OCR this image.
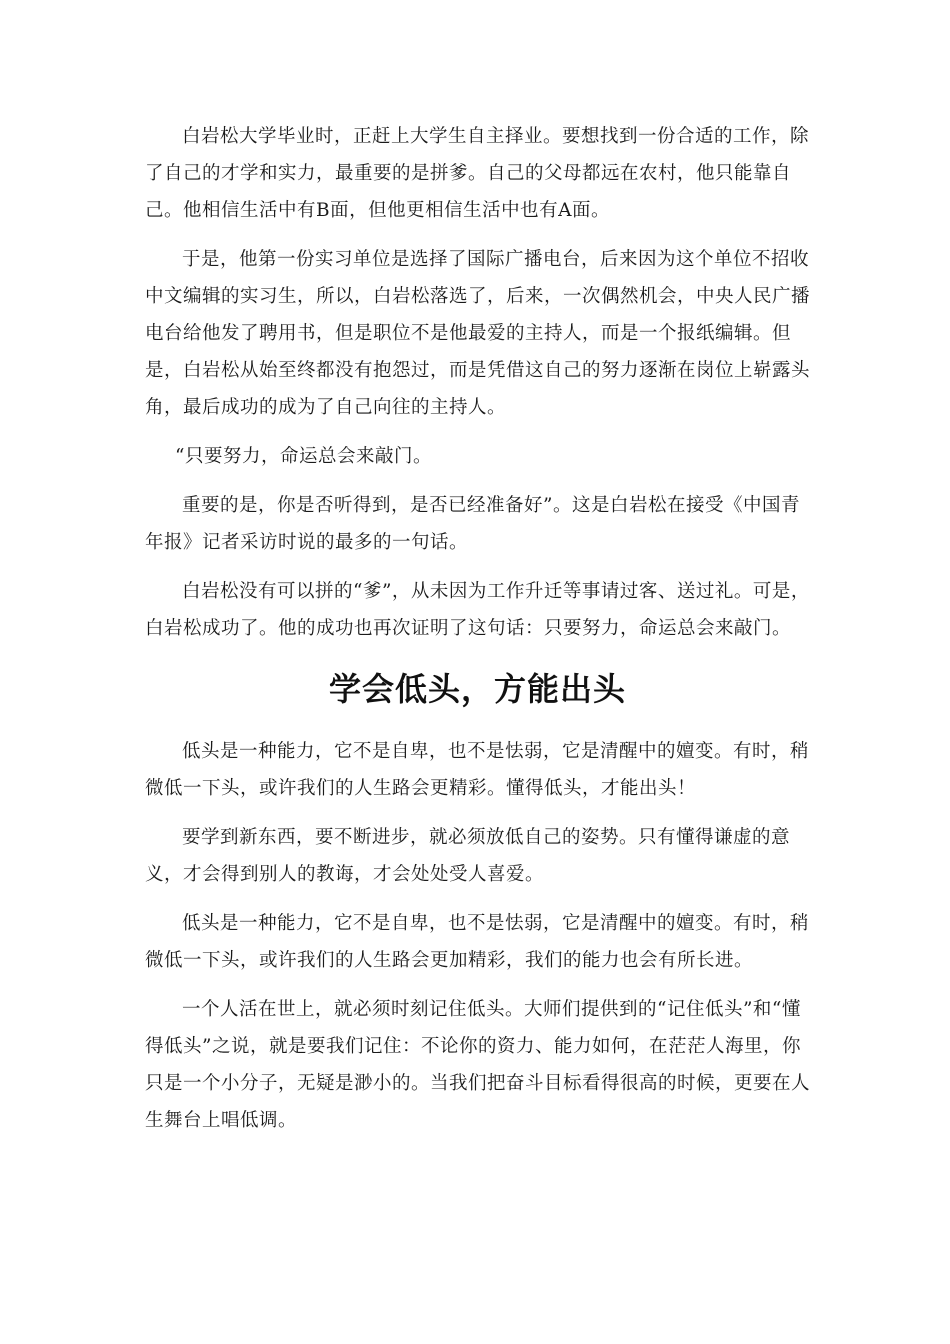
白岩松大学毕业时，正赶上大学生自主择业。要想找到一份合适的工作，除了自己的才学和实力，最重要的是拼爹。自己的父母都远在农村，他只能靠自己。他相信生活中有B面，但他更相信生活中也有A面。

于是，他第一份实习单位是选择了国际广播电台，后来因为这个单位不招收中文编辑的实习生，所以，白岩松落选了，后来，一次偶然机会，中央人民广播电台给他发了聘用书，但是职位不是他最爱的主持人，而是一个报纸编辑。但是，白岩松从始至终都没有抱怨过，而是凭借这自己的努力逐渐在岗位上崭露头角，最后成功的成为了自己向往的主持人。

“只要努力，命运总会来敲门。

重要的是，你是否听得到，是否已经准备好”。这是白岩松在接受《中国青年报》记者采访时说的最多的一句话。

白岩松没有可以拼的“爹”，从未因为工作升迁等事请过客、送过礼。可是，白岩松成功了。他的成功也再次证明了这句话：只要努力，命运总会来敲门。

学会低头，方能出头

低头是一种能力，它不是自卑，也不是怯弱，它是清醒中的嬗变。有时，稍微低一下头，或许我们的人生路会更精彩。懂得低头，才能出头！

要学到新东西，要不断进步，就必须放低自己的姿势。只有懂得谦虚的意义，才会得到别人的教诲，才会处处受人喜爱。

低头是一种能力，它不是自卑，也不是怯弱，它是清醒中的嬗变。有时，稍微低一下头，或许我们的人生路会更加精彩，我们的能力也会有所长进。

一个人活在世上，就必须时刻记住低头。大师们提供到的“记住低头”和“懂得低头”之说，就是要我们记住：不论你的资力、能力如何，在茫茫人海里，你只是一个小分子，无疑是渺小的。当我们把奋斗目标看得很高的时候，更要在人生舞台上唱低调。
